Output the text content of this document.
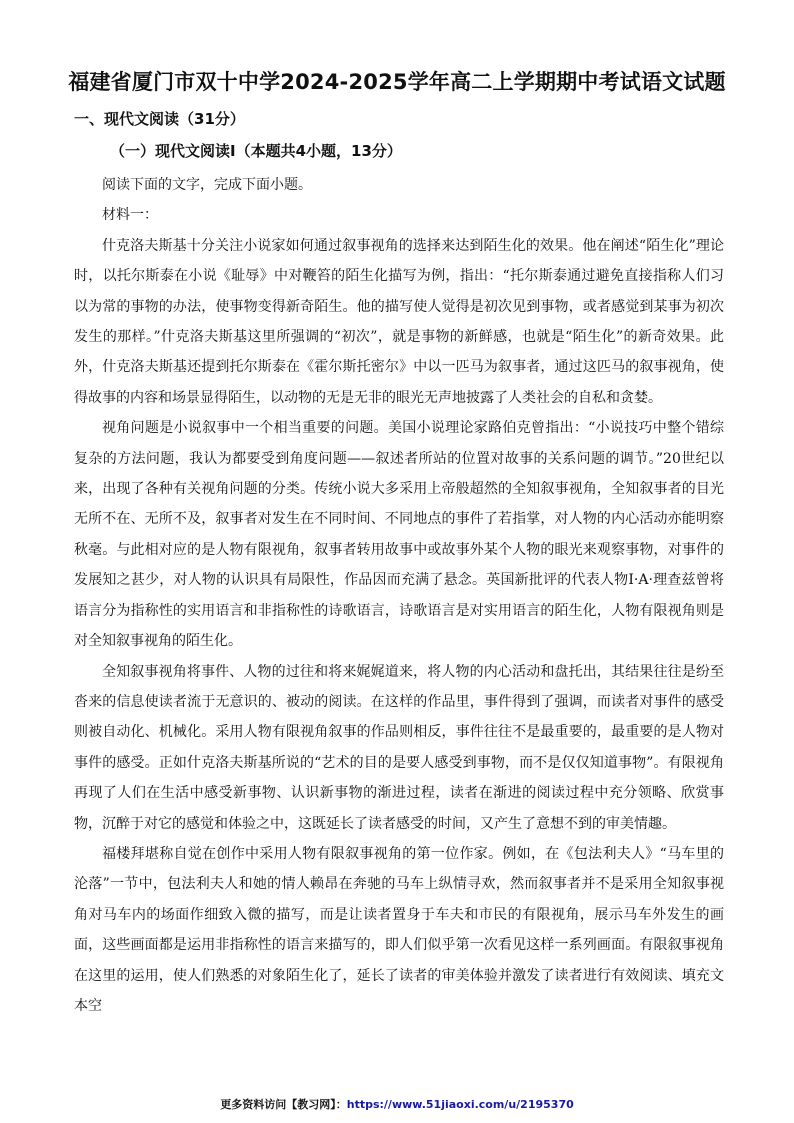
福建省厦门市双十中学2024-2025学年高二上学期期中考试语文试题
一、现代文阅读（31分）
（一）现代文阅读Ⅰ（本题共4小题，13分）

阅读下面的文字，完成下面小题。

材料一：

什克洛夫斯基十分关注小说家如何通过叙事视角的选择来达到陌生化的效果。他在阐述“陌生化”理论时，以托尔斯泰在小说《耻辱》中对鞭笞的陌生化描写为例，指出：“托尔斯泰通过避免直接指称人们习以为常的事物的办法，使事物变得新奇陌生。他的描写使人觉得是初次见到事物，或者感觉到某事为初次发生的那样。”什克洛夫斯基这里所强调的“初次”，就是事物的新鲜感，也就是“陌生化”的新奇效果。此外，什克洛夫斯基还提到托尔斯泰在《霍尔斯托密尔》中以一匹马为叙事者，通过这匹马的叙事视角，使得故事的内容和场景显得陌生，以动物的无是无非的眼光无声地披露了人类社会的自私和贪婪。

视角问题是小说叙事中一个相当重要的问题。美国小说理论家路伯克曾指出：“小说技巧中整个错综复杂的方法问题，我认为都要受到角度问题——叙述者所站的位置对故事的关系问题的调节。”20世纪以来，出现了各种有关视角问题的分类。传统小说大多采用上帝般超然的全知叙事视角，全知叙事者的目光无所不在、无所不及，叙事者对发生在不同时间、不同地点的事件了若指掌，对人物的内心活动亦能明察秋毫。与此相对应的是人物有限视角，叙事者转用故事中或故事外某个人物的眼光来观察事物，对事件的发展知之甚少，对人物的认识具有局限性，作品因而充满了悬念。英国新批评的代表人物I·A·理查兹曾将语言分为指称性的实用语言和非指称性的诗歌语言，诗歌语言是对实用语言的陌生化，人物有限视角则是对全知叙事视角的陌生化。

全知叙事视角将事件、人物的过往和将来娓娓道来，将人物的内心活动和盘托出，其结果往往是纷至沓来的信息使读者流于无意识的、被动的阅读。在这样的作品里，事件得到了强调，而读者对事件的感受则被自动化、机械化。采用人物有限视角叙事的作品则相反，事件往往不是最重要的，最重要的是人物对事件的感受。正如什克洛夫斯基所说的“艺术的目的是要人感受到事物，而不是仅仅知道事物”。有限视角再现了人们在生活中感受新事物、认识新事物的渐进过程，读者在渐进的阅读过程中充分领略、欣赏事物，沉醉于对它的感觉和体验之中，这既延长了读者感受的时间，又产生了意想不到的审美情趣。

福楼拜堪称自觉在创作中采用人物有限叙事视角的第一位作家。例如，在《包法利夫人》“马车里的沦落”一节中，包法利夫人和她的情人赖昂在奔驰的马车上纵情寻欢，然而叙事者并不是采用全知叙事视角对马车内的场面作细致入微的描写，而是让读者置身于车夫和市民的有限视角，展示马车外发生的画面，这些画面都是运用非指称性的语言来描写的，即人们似乎第一次看见这样一系列画面。有限叙事视角在这里的运用，使人们熟悉的对象陌生化了，延长了读者的审美体验并激发了读者进行有效阅读、填充文本空

更多资料访问【教习网】：https://www.51jiaoxi.com/u/2195370
